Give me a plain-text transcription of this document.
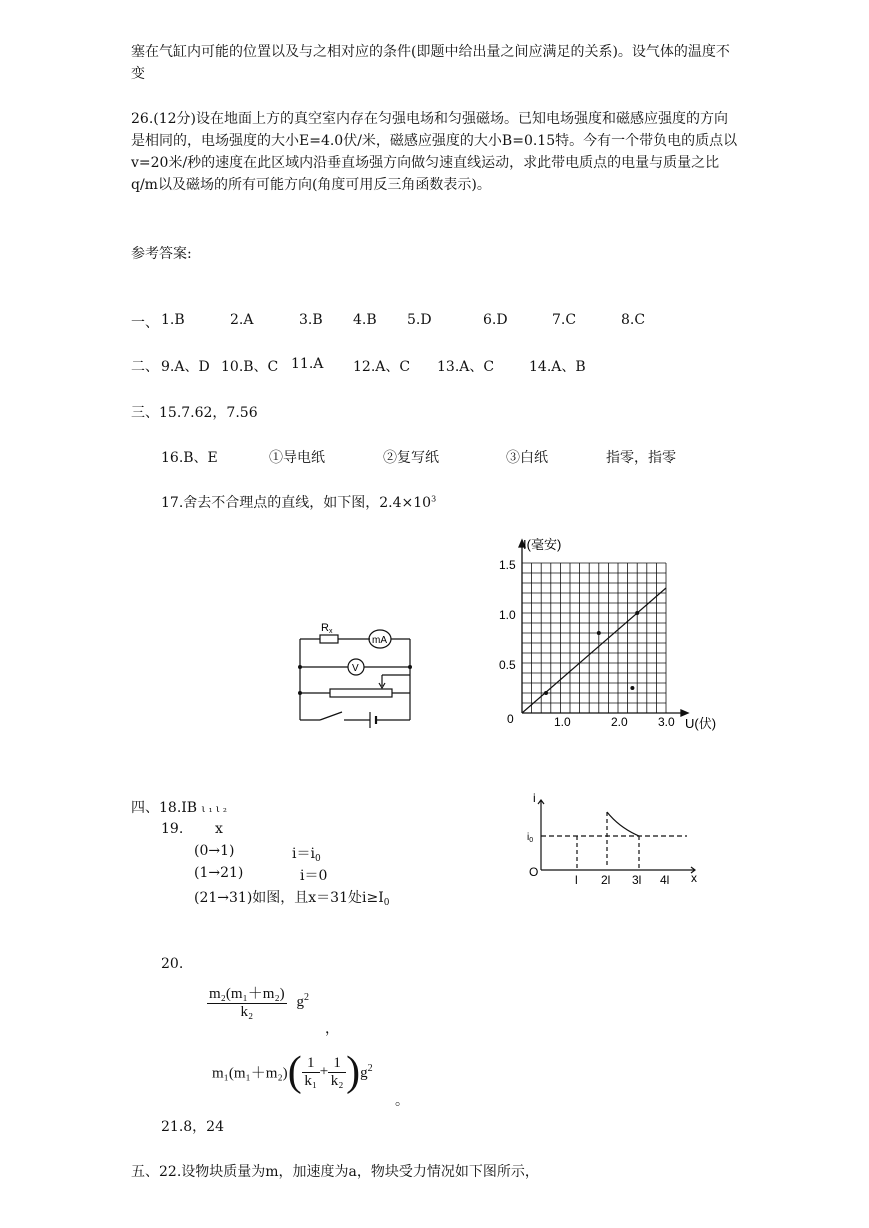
塞在气缸内可能的位置以及与之相对应的条件(即题中给出量之间应满足的关系)。设气体的温度不变
26.(12分)设在地面上方的真空室内存在匀强电场和匀强磁场。已知电场强度和磁感应强度的方向是相同的，电场强度的大小E=4.0伏/米，磁感应强度的大小B=0.15特。今有一个带负电的质点以v=20米/秒的速度在此区域内沿垂直场强方向做匀速直线运动，求此带电质点的电量与质量之比q/m以及磁场的所有可能方向(角度可用反三角函数表示)。
参考答案:
一、 1.B	2.A	3.B 4.B 5.D	6.D	7.C	8.C
二、 9.A、D 10.B、C 11.A 12.A、C 13.A、C 14.A、B
三、15.7.62，7.56
16.B、E	①导电纸	②复写纸	③白纸	指零，指零
17.舍去不合理点的直线，如下图，$2.4\times 10^3$
Rx
mA
V
I(毫安)
U(伏)
0
0.5
1.0
1.5
1.0	2.0	3.0
四、18.IB ι ₁ ι ₂
19. x
(0→1)	$i=i_0$
(1→21)	i＝0
(21→31)如图，且x＝31处$i\ge I_0$
i
$i_0$
O	x
l 2l 3l 4l
20.
$\frac{\text{m₂(m₁＋m₂)}}{\text{k₂}} g^2$
，
$m_1(m_1+m_2)( \frac{1}{\text{k₁}} + \frac{1}{\text{k₂}} )g^2$
。
21.8，24
五、22.设物块质量为m，加速度为a，物块受力情况如下图所示，
